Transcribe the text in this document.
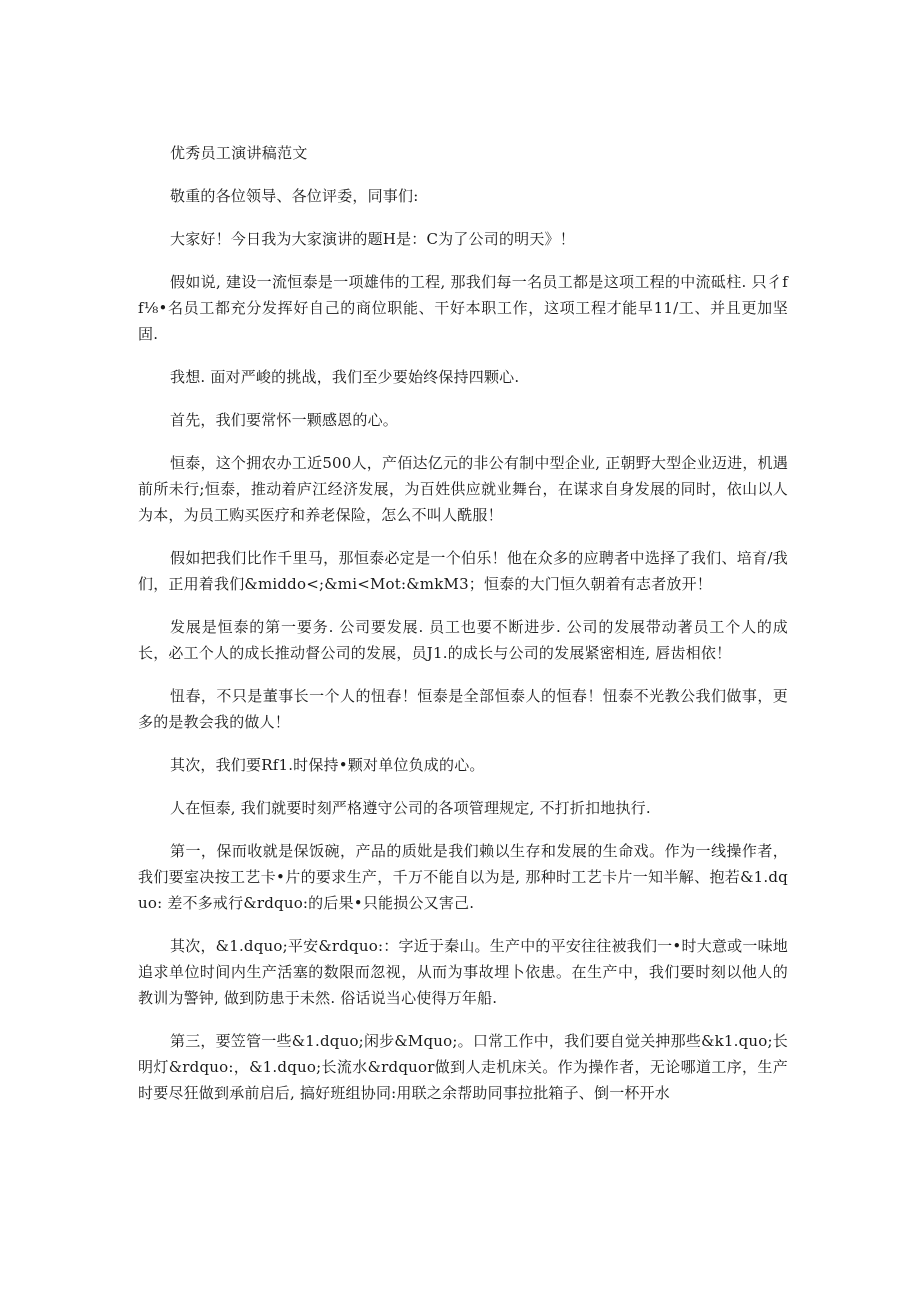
优秀员工演讲稿范文

敬重的各位领导、各位评委，同事们:

大家好！今日我为大家演讲的题H是：C为了公司的明天》！

假如说, 建设一流恒泰是一项雄伟的工程, 那我们每一名员工都是这项工程的中流砥柱. 只彳ff⅛•名员工都充分发挥好自己的商位职能、干好本职工作，这项工程才能早11/工、并且更加坚固.

我想. 面对严峻的挑战，我们至少要始终保持四颗心.

首先，我们要常怀一颗感恩的心。

恒泰，这个拥农办工近500人，产佰达亿元的非公有制中型企业, 正朝野大型企业迈进，机遇前所未行;恒泰，推动着庐江经济发展，为百姓供应就业舞台，在谋求自身发展的同时，依山以人为本，为员工购买医疗和养老保险，怎么不叫人酰服！

假如把我们比作千里马，那恒泰必定是一个伯乐！他在众多的应聘者中选择了我们、培育/我们，正用着我们&middo<;&mi<Mot:&mkM3；恒泰的大门恒久朝着有志者放开！

发展是恒泰的第一要务. 公司要发展. 员工也要不断进步. 公司的发展带动著员工个人的成长，必工个人的成长推动督公司的发展，员J1.的成长与公司的发展紧密相连, 唇齿相依！

忸春，不只是董事长一个人的忸春！恒泰是全部恒泰人的恒春！忸泰不光教公我们做事，更多的是教会我的做人！

其次，我们要Rf1.时保持•颗对单位负成的心。

人在恒泰, 我们就要时刻严格遵守公司的各项管理规定, 不打折扣地执行.

第一，保而收就是保饭碗，产品的质妣是我们赖以生存和发展的生命戏。作为一线操作者，我们要室决按工艺卡•片的要求生产，千万不能自以为是, 那种时工艺卡片一知半解、抱若&1.dquo: 差不多戒行&rdquo:的后果•只能损公又害己.

其次，&1.dquo;平安&rdquo:：字近于秦山。生产中的平安往往被我们一•时大意或一味地追求单位时间内生产活塞的数限而忽视，从而为事故埋卜依患。在生产中，我们要时刻以他人的教训为警钟, 做到防患于未然. 俗话说当心使得万年船.

第三，要笠管一些&1.dquo;闲步&Mquo;。口常工作中，我们要自觉关抻那些&k1.quo;长明灯&rdquo:，&1.dquo;长流水&rdquor做到人走机床关。作为操作者，无论哪道工序，生产时要尽狂做到承前启后, 搞好班组协同:用联之余帮助同事拉批箱子、倒一杯开水
